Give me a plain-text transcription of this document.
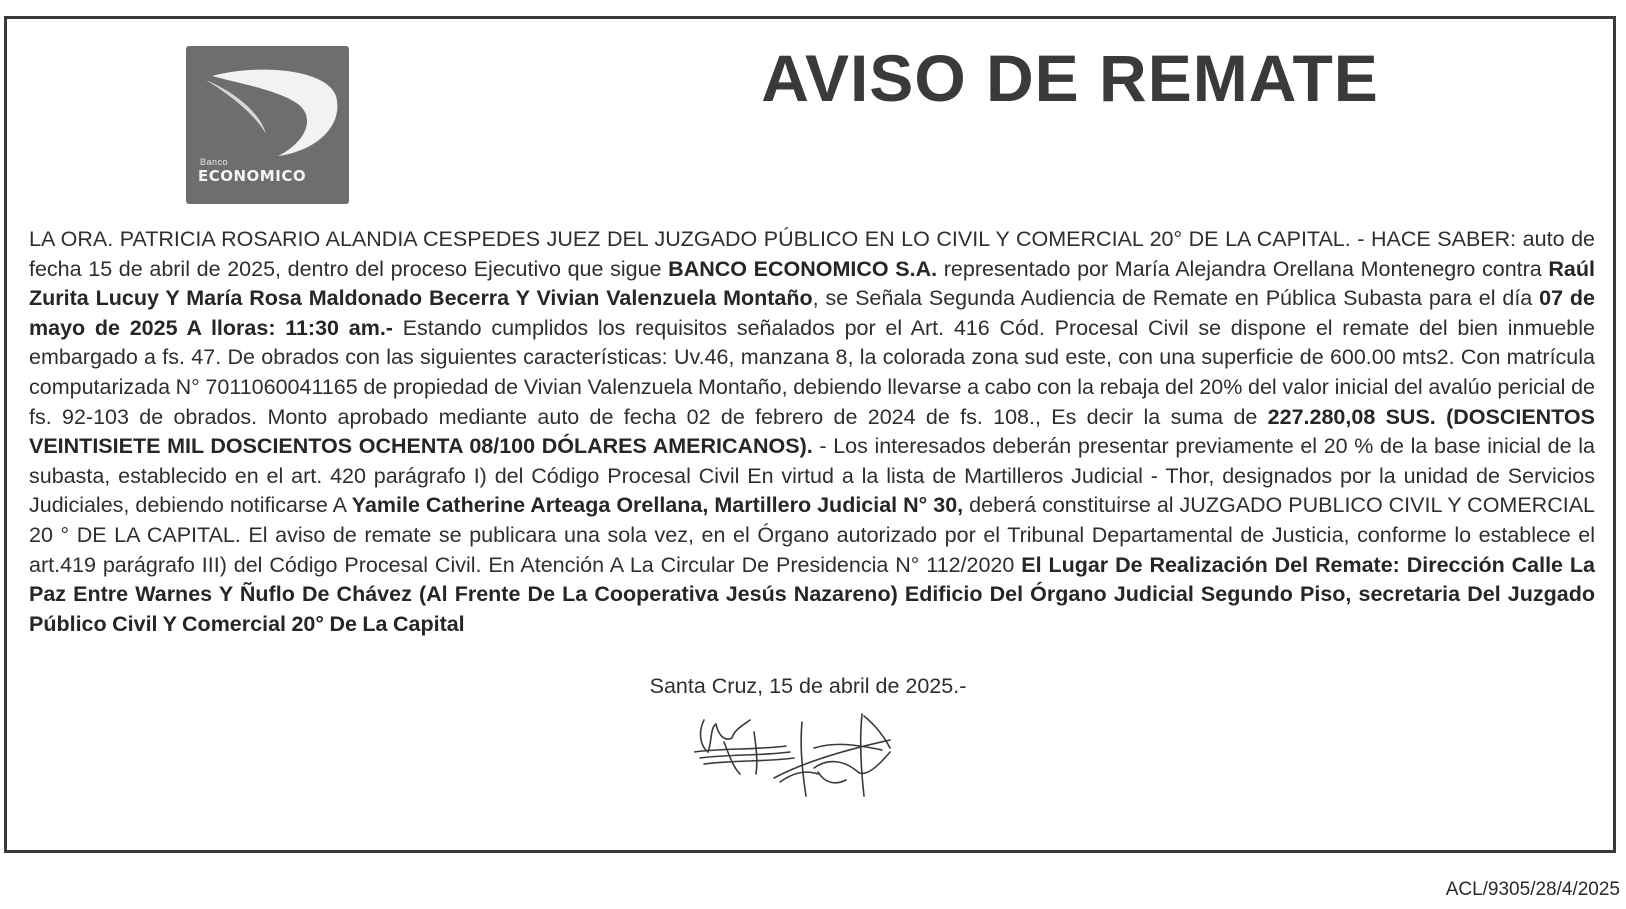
Banco
ECONOMICO
AVISO DE REMATE

LA ORA. PATRICIA ROSARIO ALANDIA CESPEDES JUEZ DEL JUZGADO PÚBLICO EN LO CIVIL Y COMERCIAL 20° DE LA CAPITAL. - HACE SABER: auto de fecha 15 de abril de 2025, dentro del proceso Ejecutivo que sigue BANCO ECONOMICO S.A. representado por María Alejandra Orellana Montenegro contra Raúl Zurita Lucuy Y María Rosa Maldonado Becerra Y Vivian Valenzuela Montaño, se Señala Segunda Audiencia de Remate en Pública Subasta para el día 07 de mayo de 2025 A lloras: 11:30 am.- Estando cumplidos los requisitos señalados por el Art. 416 Cód. Procesal Civil se dispone el remate del bien inmueble embargado a fs. 47. De obrados con las siguientes características: Uv.46, manzana 8, la colorada zona sud este, con una superficie de 600.00 mts2. Con matrícula computarizada N° 7011060041165 de propiedad de Vivian Valenzuela Montaño, debiendo llevarse a cabo con la rebaja del 20% del valor inicial del avalúo pericial de fs. 92-103 de obrados. Monto aprobado mediante auto de fecha 02 de febrero de 2024 de fs. 108., Es decir la suma de 227.280,08 SUS. (DOSCIENTOS VEINTISIETE MIL DOSCIENTOS OCHENTA 08/100 DÓLARES AMERICANOS). - Los interesados deberán presentar previamente el 20 % de la base inicial de la subasta, establecido en el art. 420 parágrafo I) del Código Procesal Civil En virtud a la lista de Martilleros Judicial - Thor, designados por la unidad de Servicios Judiciales, debiendo notificarse A Yamile Catherine Arteaga Orellana, Martillero Judicial N° 30, deberá constituirse al JUZGADO PUBLICO CIVIL Y COMERCIAL 20 ° DE LA CAPITAL. El aviso de remate se publicara una sola vez, en el Órgano autorizado por el Tribunal Departamental de Justicia, conforme lo establece el art.419 parágrafo III) del Código Procesal Civil. En Atención A La Circular De Presidencia N° 112/2020 El Lugar De Realización Del Remate: Dirección Calle La Paz Entre Warnes Y Ñuflo De Chávez (Al Frente De La Cooperativa Jesús Nazareno) Edificio Del Órgano Judicial Segundo Piso, secretaria Del Juzgado Público Civil Y Comercial 20° De La Capital

Santa Cruz, 15 de abril de 2025.-
ACL/9305/28/4/2025
